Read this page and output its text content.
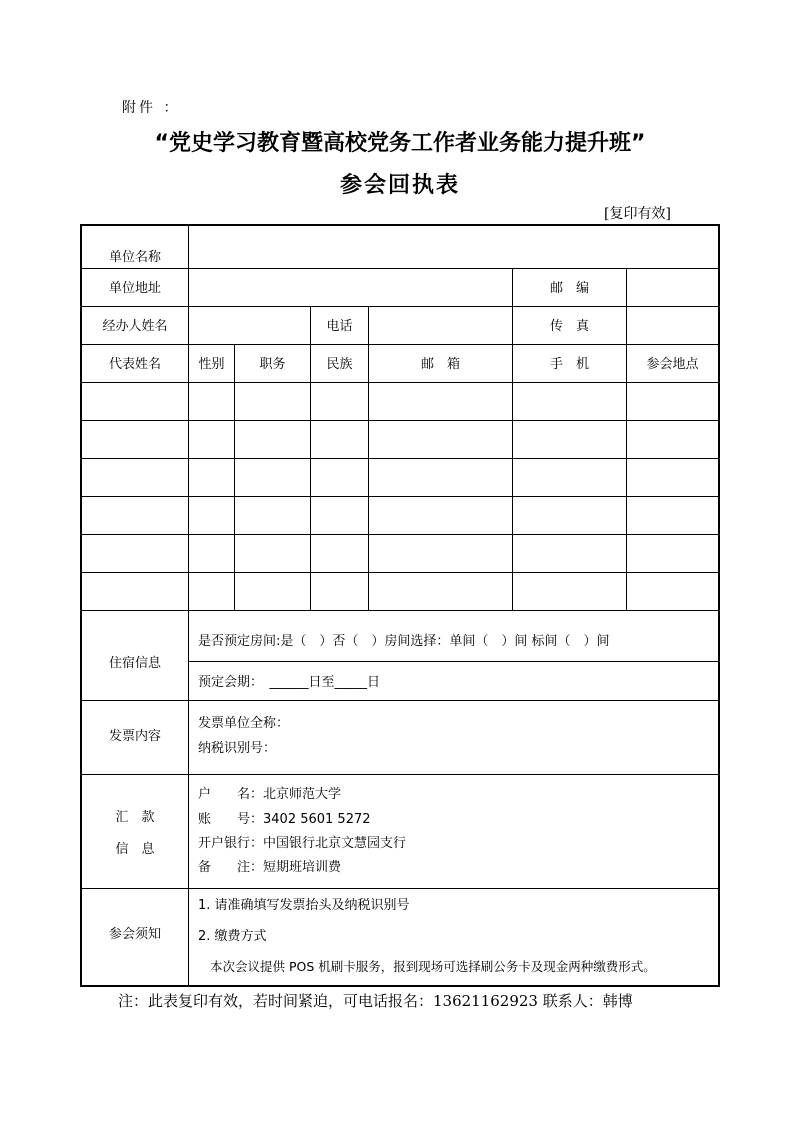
附件 ：
“党史学习教育暨高校党务工作者业务能力提升班”
参会回执表
[复印有效]
单位名称
单位地址	邮　编
经办人姓名	电话	传　真
代表姓名	性别	职务	民族	邮　箱	手　机	参会地点
住宿信息
是否预定房间:是（　）否（　）房间选择：单间（　）间 标间（　）间
预定会期：　______日至_____日
发票内容
发票单位全称：
纳税识别号：
汇　款
信　息
户　　名：北京师范大学
账　　号：3402 5601 5272
开户银行：中国银行北京文慧园支行
备　　注：短期班培训费
参会须知
1. 请准确填写发票抬头及纳税识别号
2. 缴费方式
本次会议提供 POS 机刷卡服务，报到现场可选择刷公务卡及现金两种缴费形式。
注：此表复印有效，若时间紧迫，可电话报名：13621162923 联系人：韩博
